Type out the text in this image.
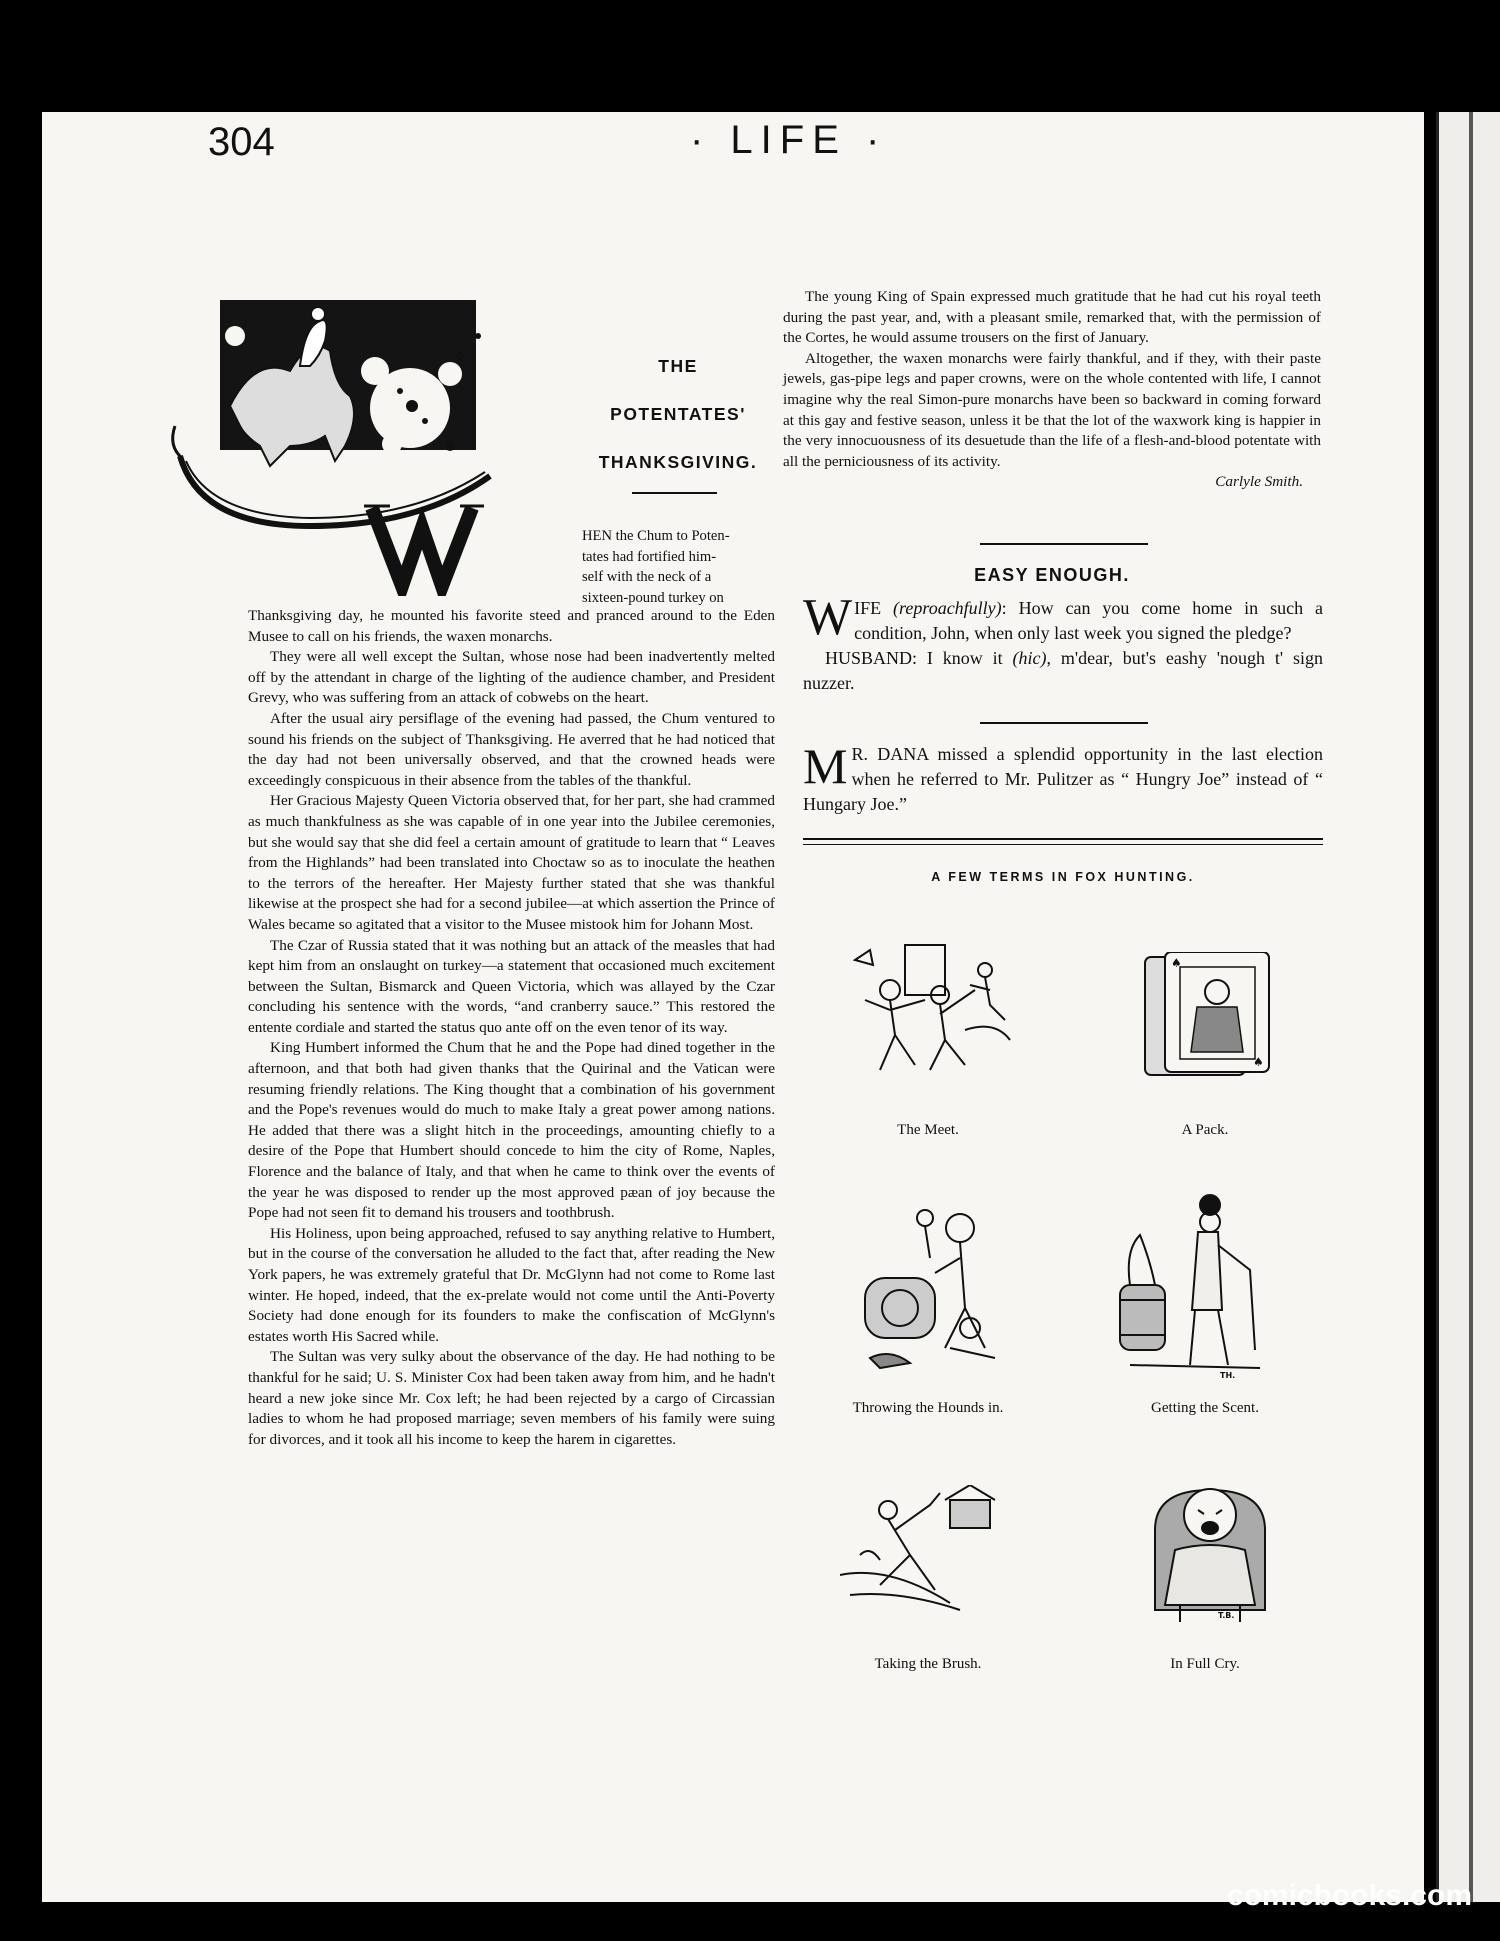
304	· LIFE ·
THE
POTENTATES'
THANKSGIVING.
HEN the Chum to Poten-
tates had fortified him-
self with the neck of a
sixteen-pound turkey on

Thanksgiving day, he mounted his favorite steed and pranced around to the Eden Musee to call on his friends, the waxen monarchs.

They were all well except the Sultan, whose nose had been inadvertently melted off by the attendant in charge of the lighting of the audience chamber, and President Grevy, who was suffering from an attack of cobwebs on the heart.

After the usual airy persiflage of the evening had passed, the Chum ventured to sound his friends on the subject of Thanksgiving. He averred that he had noticed that the day had not been universally observed, and that the crowned heads were exceedingly conspicuous in their absence from the tables of the thankful.

Her Gracious Majesty Queen Victoria observed that, for her part, she had crammed as much thankfulness as she was capable of in one year into the Jubilee ceremonies, but she would say that she did feel a certain amount of gratitude to learn that “ Leaves from the Highlands” had been translated into Choctaw so as to inoculate the heathen to the terrors of the hereafter. Her Majesty further stated that she was thankful likewise at the prospect she had for a second jubilee—at which assertion the Prince of Wales became so agitated that a visitor to the Musee mistook him for Johann Most.

The Czar of Russia stated that it was nothing but an attack of the measles that had kept him from an onslaught on turkey—a statement that occasioned much excitement between the Sultan, Bismarck and Queen Victoria, which was allayed by the Czar concluding his sentence with the words, “and cranberry sauce.” This restored the entente cordiale and started the status quo ante off on the even tenor of its way.

King Humbert informed the Chum that he and the Pope had dined together in the afternoon, and that both had given thanks that the Quirinal and the Vatican were resuming friendly relations. The King thought that a combination of his government and the Pope's revenues would do much to make Italy a great power among nations. He added that there was a slight hitch in the proceedings, amounting chiefly to a desire of the Pope that Humbert should concede to him the city of Rome, Naples, Florence and the balance of Italy, and that when he came to think over the events of the year he was disposed to render up the most approved pæan of joy because the Pope had not seen fit to demand his trousers and toothbrush.

His Holiness, upon being approached, refused to say anything relative to Humbert, but in the course of the conversation he alluded to the fact that, after reading the New York papers, he was extremely grateful that Dr. McGlynn had not come to Rome last winter. He hoped, indeed, that the ex-prelate would not come until the Anti-Poverty Society had done enough for its founders to make the confiscation of McGlynn's estates worth His Sacred while.

The Sultan was very sulky about the observance of the day. He had nothing to be thankful for he said; U. S. Minister Cox had been taken away from him, and he hadn't heard a new joke since Mr. Cox left; he had been rejected by a cargo of Circassian ladies to whom he had proposed marriage; seven members of his family were suing for divorces, and it took all his income to keep the harem in cigarettes.

The young King of Spain expressed much gratitude that he had cut his royal teeth during the past year, and, with a pleasant smile, remarked that, with the permission of the Cortes, he would assume trousers on the first of January.

Altogether, the waxen monarchs were fairly thankful, and if they, with their paste jewels, gas-pipe legs and paper crowns, were on the whole contented with life, I cannot imagine why the real Simon-pure monarchs have been so backward in coming forward at this gay and festive season, unless it be that the lot of the waxwork king is happier in the very innocuousness of its desuetude than the life of a flesh-and-blood potentate with all the perniciousness of its activity.

Carlyle Smith.
EASY ENOUGH.
WIFE (reproachfully): How can you come home in such a condition, John, when only last week you signed the pledge?
HUSBAND: I know it (hic), m'dear, but's eashy 'nough t' sign nuzzer.
M R. DANA missed a splendid opportunity in the last election when he referred to Mr. Pulitzer as “ Hungry Joe” instead of “ Hungary Joe.”
A FEW TERMS IN FOX HUNTING.
The Meet.
♠
♠
A Pack.
Throwing the Hounds in.
TH.
Getting the Scent.
Taking the Brush.
T.B.
In Full Cry.
comicbooks.com
